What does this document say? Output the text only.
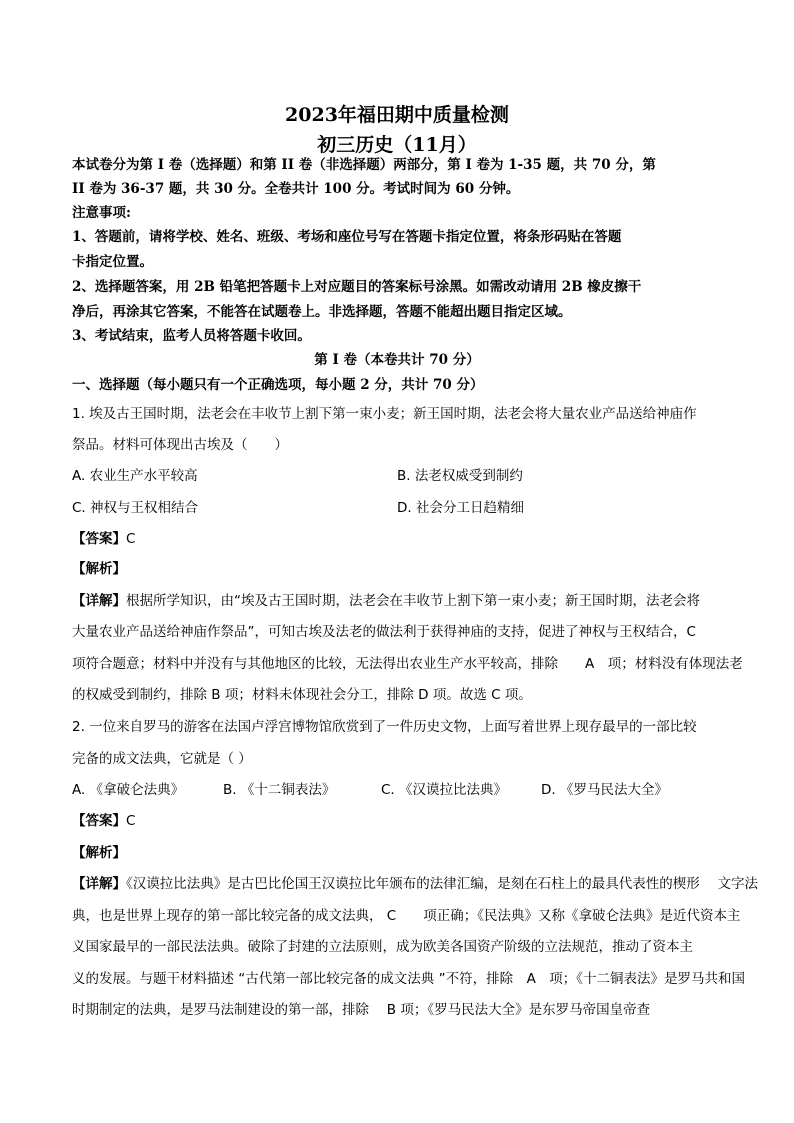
2023年福田期中质量检测
初三历史（11月）
本试卷分为第 I 卷（选择题）和第 II 卷（非选择题）两部分，第 I 卷为 1-35 题，共 70 分，第
II 卷为 36-37 题，共 30 分。全卷共计 100 分。考试时间为 60 分钟。
注意事项:
1、答题前，请将学校、姓名、班级、考场和座位号写在答题卡指定位置，将条形码贴在答题
卡指定位置。
2、选择题答案，用 2B 铅笔把答题卡上对应题目的答案标号涂黑。如需改动请用 2B 橡皮擦干
净后，再涂其它答案，不能答在试题卷上。非选择题，答题不能超出题目指定区域。
3、考试结束，监考人员将答题卡收回。
第 I 卷（本卷共计 70 分）
一、选择题（每小题只有一个正确选项，每小题 2 分，共计 70 分）
1. 埃及古王国时期，法老会在丰收节上割下第一束小麦；新王国时期，法老会将大量农业产品送给神庙作
祭品。材料可体现出古埃及（　　）
A. 农业生产水平较高	B. 法老权威受到制约
C. 神权与王权相结合	D. 社会分工日趋精细
【答案】C
【解析】
【详解】根据所学知识，由“埃及古王国时期，法老会在丰收节上割下第一束小麦；新王国时期，法老会将
大量农业产品送给神庙作祭品”，可知古埃及法老的做法利于获得神庙的支持，促进了神权与王权结合，C
项符合题意；材料中并没有与其他地区的比较，无法得出农业生产水平较高，排除　　A　项；材料没有体现法老
的权威受到制约，排除 B 项；材料未体现社会分工，排除 D 项。故选 C 项。
2. 一位来自罗马的游客在法国卢浮宫博物馆欣赏到了一件历史文物，上面写着世界上现存最早的一部比较
完备的成文法典，它就是（ ）
A. 《拿破仑法典》	B. 《十二铜表法》	C. 《汉谟拉比法典》	D. 《罗马民法大全》
【答案】C
【解析】
【详解】《汉谟拉比法典》是古巴比伦国王汉谟拉比年颁布的法律汇编，是刻在石柱上的最具代表性的楔形　 文字法
典，也是世界上现存的第一部比较完备的成文法典， C　　项正确；《民法典》又称《拿破仑法典》是近代资本主
义国家最早的一部民法法典。破除了封建的立法原则，成为欧美各国资产阶级的立法规范，推动了资本主
义的发展。与题干材料描述 “古代第一部比较完备的成文法典 ”不符，排除　A　项；《十二铜表法》是罗马共和国
时期制定的法典，是罗马法制建设的第一部，排除　 B 项；《罗马民法大全》是东罗马帝国皇帝查
